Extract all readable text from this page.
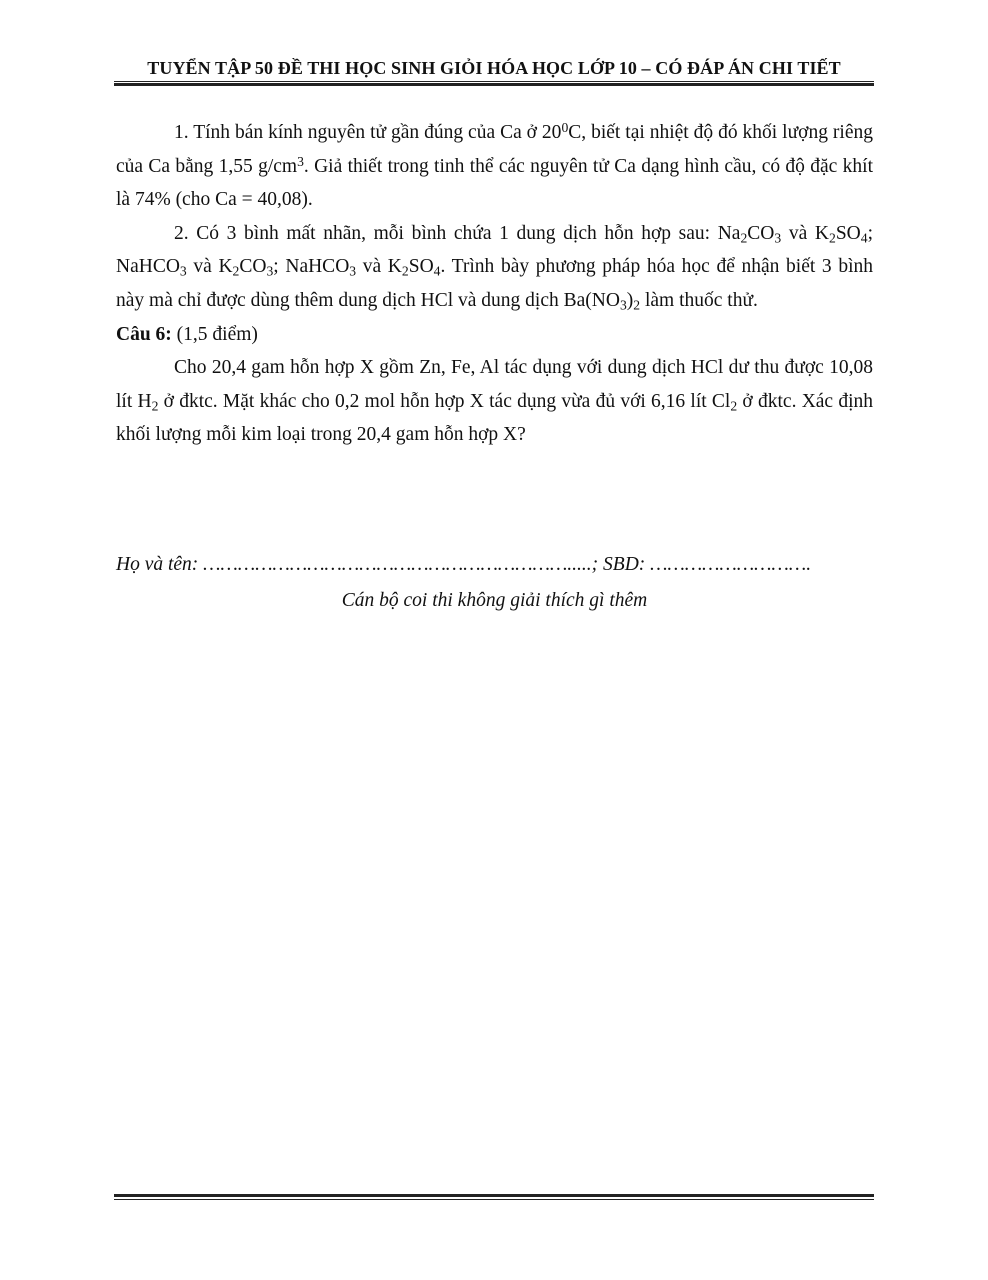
TUYỂN TẬP 50 ĐỀ THI HỌC SINH GIỎI HÓA HỌC LỚP 10 – CÓ ĐÁP ÁN CHI TIẾT

1. Tính bán kính nguyên tử gần đúng của Ca ở $20^0C$, biết tại nhiệt độ đó khối lượng riêng của Ca bằng 1,55 $g/cm^3$. Giả thiết trong tinh thể các nguyên tử Ca dạng hình cầu, có độ đặc khít là 74% (cho Ca = 40,08).

2. Có 3 bình mất nhãn, mỗi bình chứa 1 dung dịch hỗn hợp sau: $Na_2CO_3$ và $K_2SO_4$; NaHCO$_3$ và $K_2CO_3$; NaHCO$_3$ và $K_2SO_4$. Trình bày phương pháp hóa học để nhận biết 3 bình này mà chỉ được dùng thêm dung dịch HCl và dung dịch $Ba(NO_3)_2$ làm thuốc thử.

Câu 6: (1,5 điểm)

Cho 20,4 gam hỗn hợp X gồm Zn, Fe, Al tác dụng với dung dịch HCl dư thu được 10,08 lít $H_2$ ở đktc. Mặt khác cho 0,2 mol hỗn hợp X tác dụng vừa đủ với 6,16 lít $Cl_2$ ở đktc. Xác định khối lượng mỗi kim loại trong 20,4 gam hỗn hợp X?

Họ và tên: ……………………………………………………….....; SBD: ……………………….
Cán bộ coi thi không giải thích gì thêm
